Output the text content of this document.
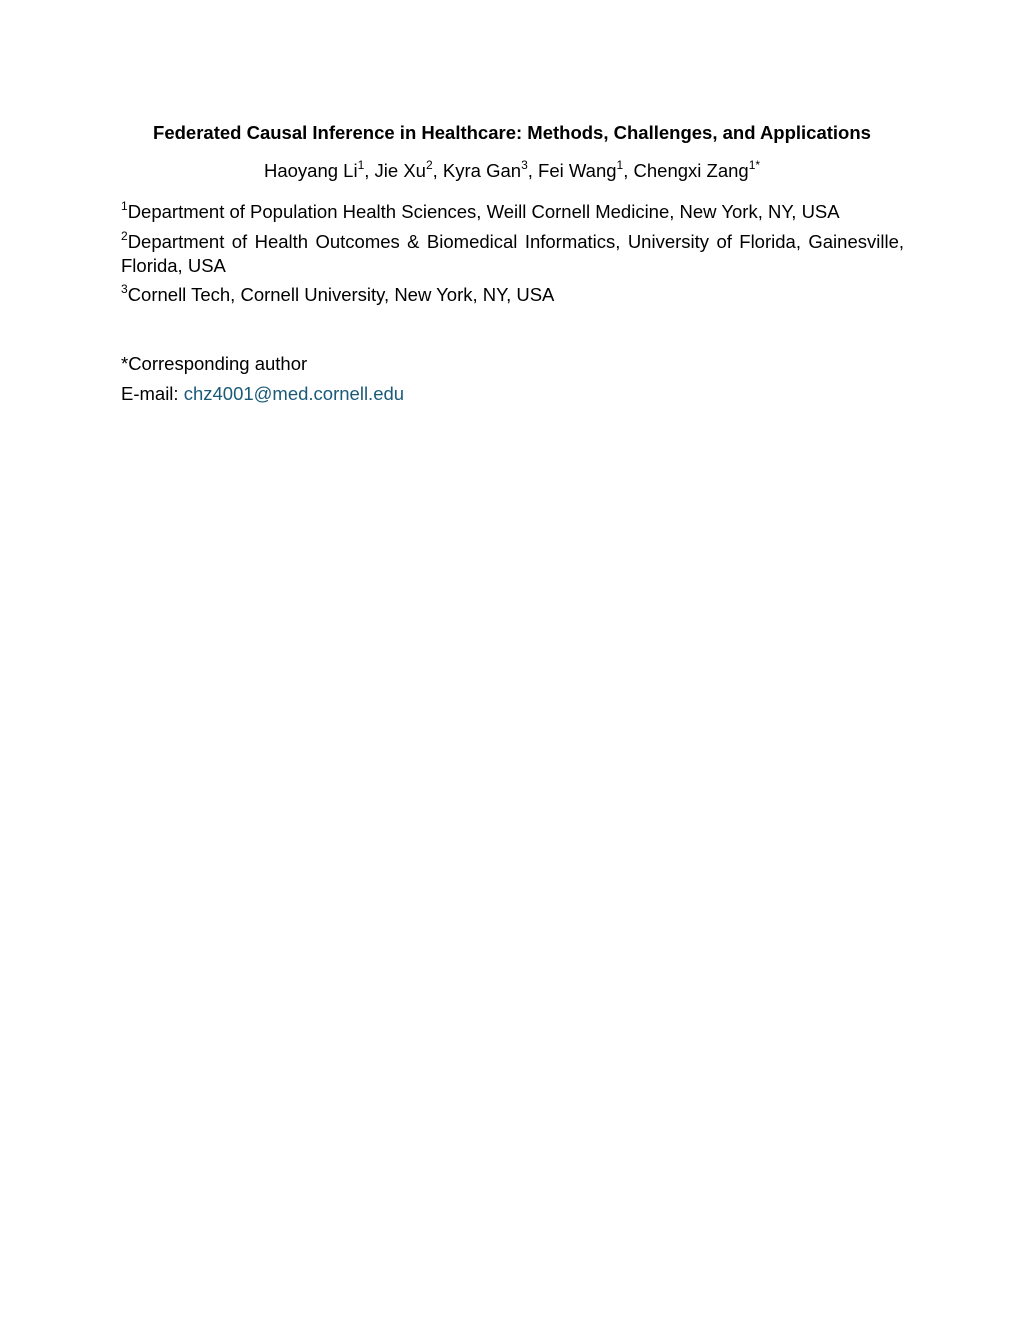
Federated Causal Inference in Healthcare: Methods, Challenges, and Applications
Haoyang Li$^1$, Jie Xu$^2$, Kyra Gan$^3$, Fei Wang$^1$, Chengxi Zang$^{1*}$
$^1$Department of Population Health Sciences, Weill Cornell Medicine, New York, NY, USA
$^2$Department of Health Outcomes & Biomedical Informatics, University of Florida, Gainesville, Florida, USA
$^3$Cornell Tech, Cornell University, New York, NY, USA
*Corresponding author
E-mail: chz4001@med.cornell.edu
